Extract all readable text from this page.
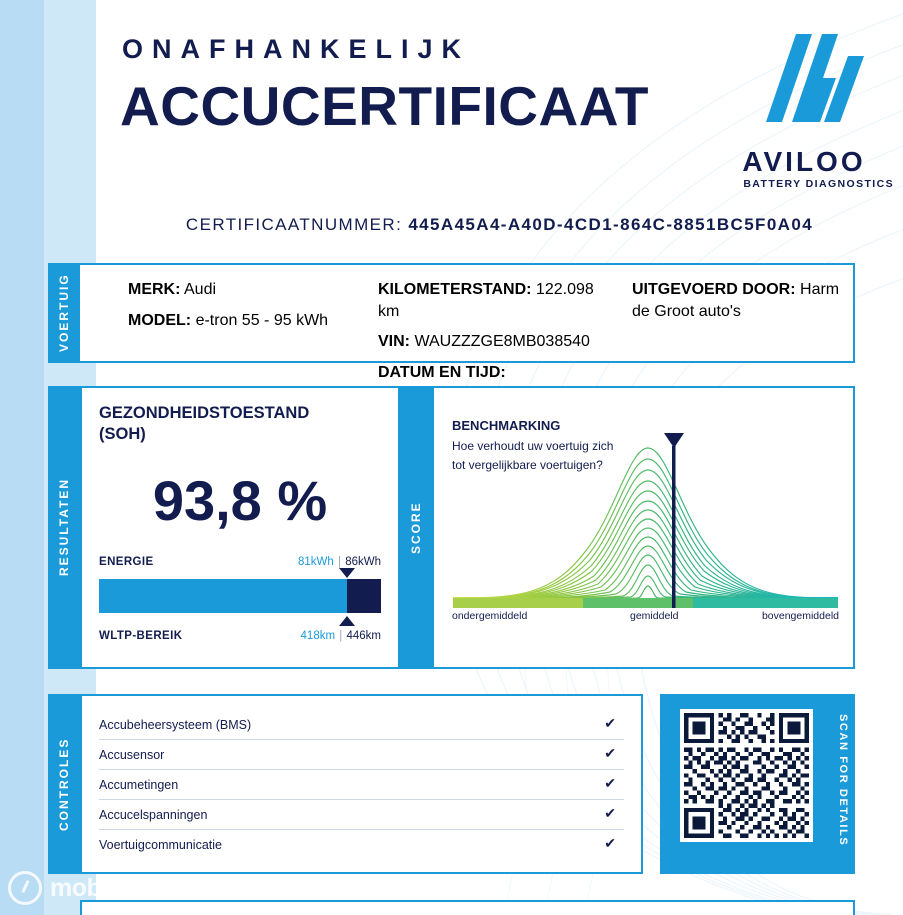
ONAFHANKELIJK
ACCUCERTIFICAAT
AVILOO
BATTERY DIAGNOSTICS
CERTIFICAATNUMMER: 445A45A4-A40D-4CD1-864C-8851BC5F0A04
MERK: Audi
MODEL: e-tron 55 - 95 kWh
KILOMETERSTAND: 122.098 km
VIN: WAUZZZGE8MB038540
DATUM EN TIJD:

UITGEVOERD DOOR: Harm de Groot auto's
VOERTUIG
GEZONDHEIDSTOESTAND (SOH)
93,8 %
ENERGIE	81kWh | 86kWh
WLTP-BEREIK	418km | 446km
RESULTATEN	SCORE
BENCHMARKING
Hoe verhoudt uw voertuig zich tot vergelijkbare voertuigen?
ondergemiddeld	gemiddeld	bovengemiddeld
Accubeheersysteem (BMS)	✔
Accusensor	✔
Accumetingen	✔
Accucelspanningen	✔
Voertuigcommunicatie	✔
CONTROLES	SCAN FOR DETAILS
mobi
